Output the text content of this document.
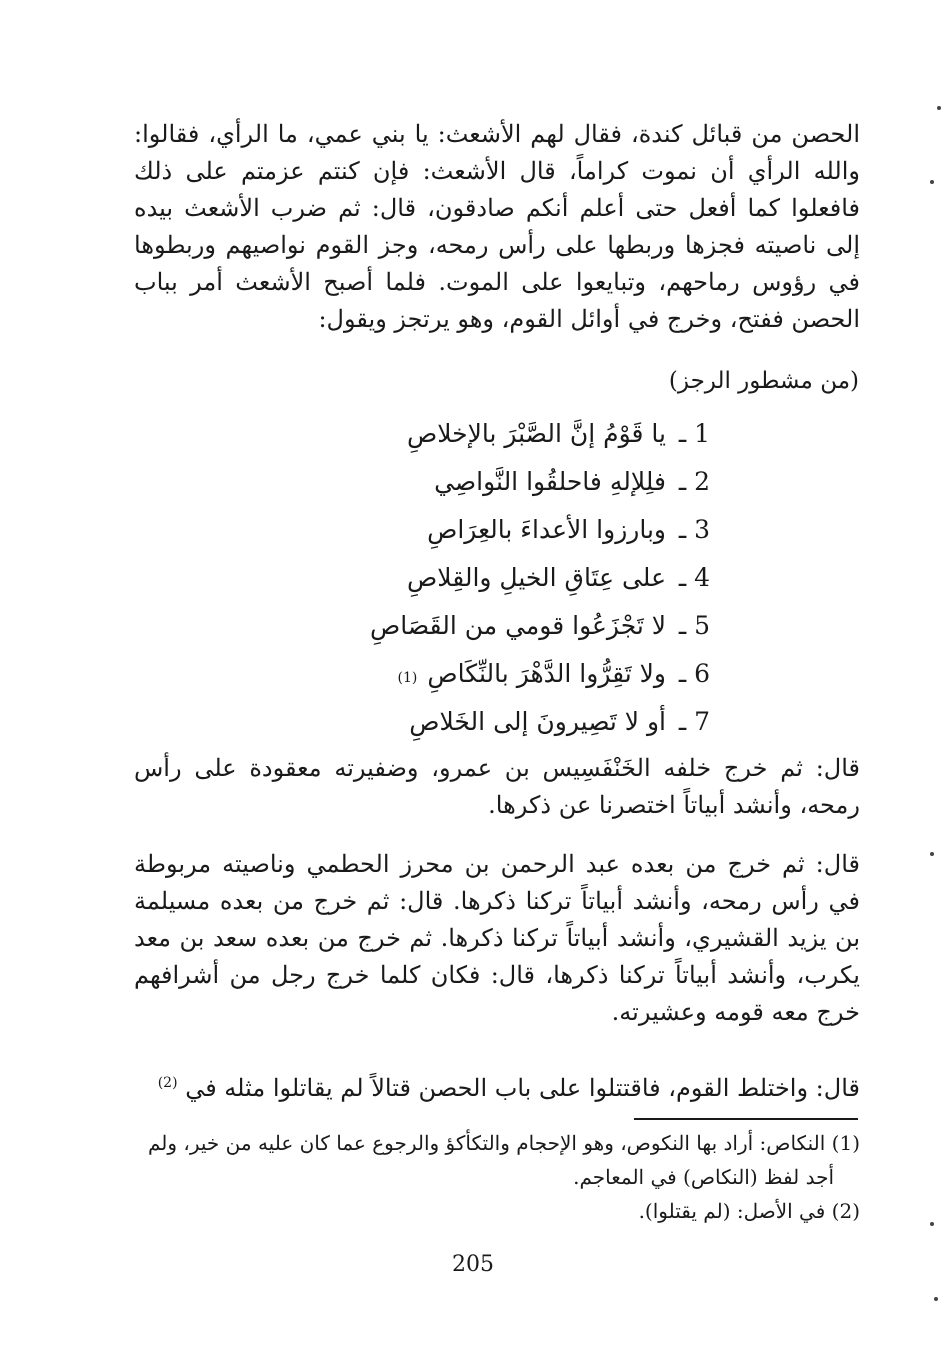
الحصن من قبائل كندة، فقال لهم الأشعث: يا بني عمي، ما الرأي، فقالوا: والله الرأي أن نموت كراماً، قال الأشعث: فإن كنتم عزمتم على ذلك فافعلوا كما أفعل حتى أعلم أنكم صادقون، قال: ثم ضرب الأشعث بيده إلى ناصيته فجزها وربطها على رأس رمحه، وجز القوم نواصيهم وربطوها في رؤوس رماحهم، وتبايعوا على الموت. فلما أصبح الأشعث أمر بباب الحصن ففتح، وخرج في أوائل القوم، وهو يرتجز ويقول:

(من مشطور الرجز)

1 ـ
يا قَوْمُ إنَّ الصَّبْرَ بالإخلاصِ
2 ـ
فلِلإلهِ فاحلقُوا النَّواصِي
3 ـ
وبارزوا الأعداءَ بالعِرَاصِ
4 ـ
على عِتَاقِ الخيلِ والقِلاصِ
5 ـ
لا تَجْزَعُوا قومي من القَصَاصِ
6 ـ
ولا تَقِرُّوا الدَّهْرَ بالنِّكَاصِ
(1)
7 ـ
أو لا تَصِيرونَ إلى الخَلاصِ

قال: ثم خرج خلفه الخَنْفَسِيس بن عمرو، وضفيرته معقودة على رأس رمحه، وأنشد أبياتاً اختصرنا عن ذكرها.

قال: ثم خرج من بعده عبد الرحمن بن محرز الحطمي وناصيته مربوطة في رأس رمحه، وأنشد أبياتاً تركنا ذكرها. قال: ثم خرج من بعده مسيلمة بن يزيد القشيري، وأنشد أبياتاً تركنا ذكرها. ثم خرج من بعده سعد بن معد يكرب، وأنشد أبياتاً تركنا ذكرها، قال: فكان كلما خرج رجل من أشرافهم خرج معه قومه وعشيرته.

قال: واختلط القوم، فاقتتلوا على باب الحصن قتالاً لم يقاتلوا مثله في $^{(2)}$

(1) النكاص: أراد بها النكوص، وهو الإحجام والتكأكؤ والرجوع عما كان عليه من خير، ولم

أجد لفظ (النكاص) في المعاجم.

(2) في الأصل: (لم يقتلوا).

205
